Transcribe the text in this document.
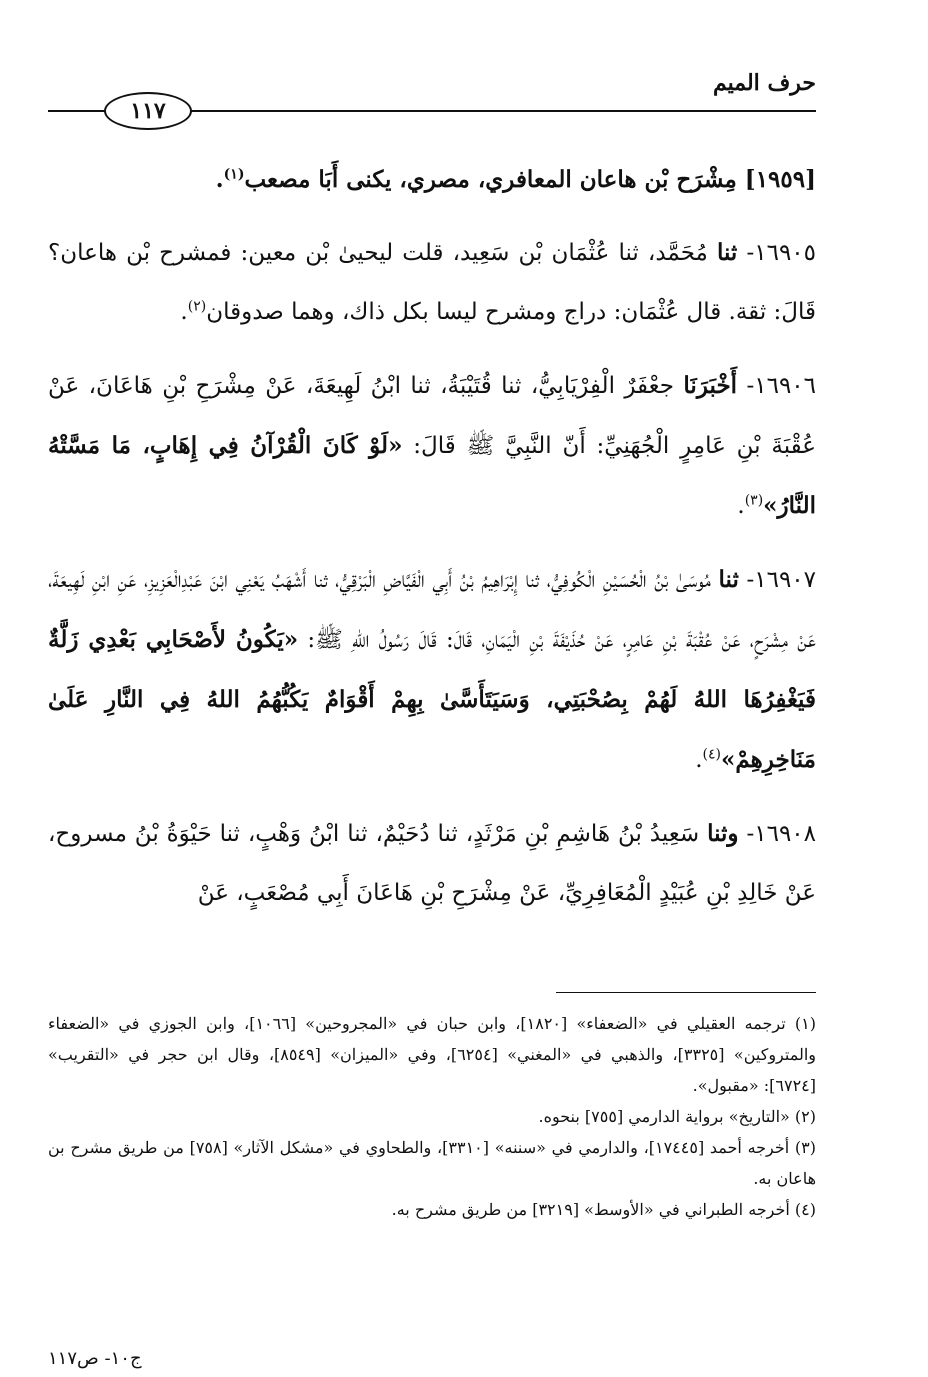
حرف الميم
١١٧

[١٩٥٩] مِشْرَح بْن هاعان المعافري، مصري، يكنى أَبَا مصعب$^{(١)}$.

١٦٩٠٥- ثنا مُحَمَّد، ثنا عُثْمَان بْن سَعِيد، قلت ليحيىٰ بْن معين: فمشرح بْن هاعان؟ قَالَ: ثقة. قال عُثْمَان: دراج ومشرح ليسا بكل ذاك، وهما صدوقان$^{(٢)}$.

١٦٩٠٦- أَخْبَرَنَا جعْفَرٌ الْفِرْيَابِيُّ، ثنا قُتَيْبَةُ، ثنا ابْنُ لَهِيعَةَ، عَنْ مِشْرَحِ بْنِ هَاعَانَ، عَنْ عُقْبَةَ بْنِ عَامِرٍ الْجُهَنِيِّ: أَنّ النَّبِيَّ ﷺ قَالَ: «لَوْ كَانَ الْقُرْآنُ فِي إِهَابٍ، مَا مَسَّتْهُ النَّارُ»$^{(٣)}$.

١٦٩٠٧- ثنا مُوسَىٰ بْنُ الْحُسَيْنِ الْكُوفِيُّ، ثنا إِبْرَاهِيمُ بْنُ أَبِي الْفَيَّاضِ الْبَرْقِيُّ، ثنا أَشْهَبُ يَعْنِي ابْنَ عَبْدِالْعَزِيزِ، عَنِ ابْنِ لَهِيعَةَ، عَنْ مِشْرَحٍ، عَنْ عُقْبَةَ بْنِ عَامِرٍ، عَنْ حُذَيْفَةَ بْنِ الْيَمَانِ، قَالَ: قَالَ رَسُولُ اللهِ ﷺ: «يَكُونُ لأَصْحَابِي بَعْدِي زَلَّةٌ فَيَغْفِرُهَا اللهُ لَهُمْ بِصُحْبَتِي، وَسَيَتَأَسَّىٰ بِهِمْ أَقْوَامٌ يَكُبُّهُمُ اللهُ فِي النَّارِ عَلَىٰ مَنَاخِرِهِمْ»$^{(٤)}$.

١٦٩٠٨- وثنا سَعِيدُ بْنُ هَاشِمِ بْنِ مَرْثَدٍ، ثنا دُحَيْمٌ، ثنا ابْنُ وَهْبٍ، ثنا حَيْوَةُ بْنُ مسروح، عَنْ خَالِدِ بْنِ عُبَيْدٍ الْمُعَافِرِيِّ، عَنْ مِشْرَحِ بْنِ هَاعَانَ أَبِي مُصْعَبٍ، عَنْ

(١) ترجمه العقيلي في «الضعفاء» [١٨٢٠]، وابن حبان في «المجروحين» [١٠٦٦]، وابن الجوزي في «الضعفاء والمتروكين» [٣٣٢٥]، والذهبي في «المغني» [٦٢٥٤]، وفي «الميزان» [٨٥٤٩]، وقال ابن حجر في «التقريب» [٦٧٢٤]: «مقبول».

(٢) «التاريخ» برواية الدارمي [٧٥٥] بنحوه.

(٣) أخرجه أحمد [١٧٤٤٥]، والدارمي في «سننه» [٣٣١٠]، والطحاوي في «مشكل الآثار» [٧٥٨] من طريق مشرح بن هاعان به.

(٤) أخرجه الطبراني في «الأوسط» [٣٢١٩] من طريق مشرح به.

ج١٠- ص١١٧
